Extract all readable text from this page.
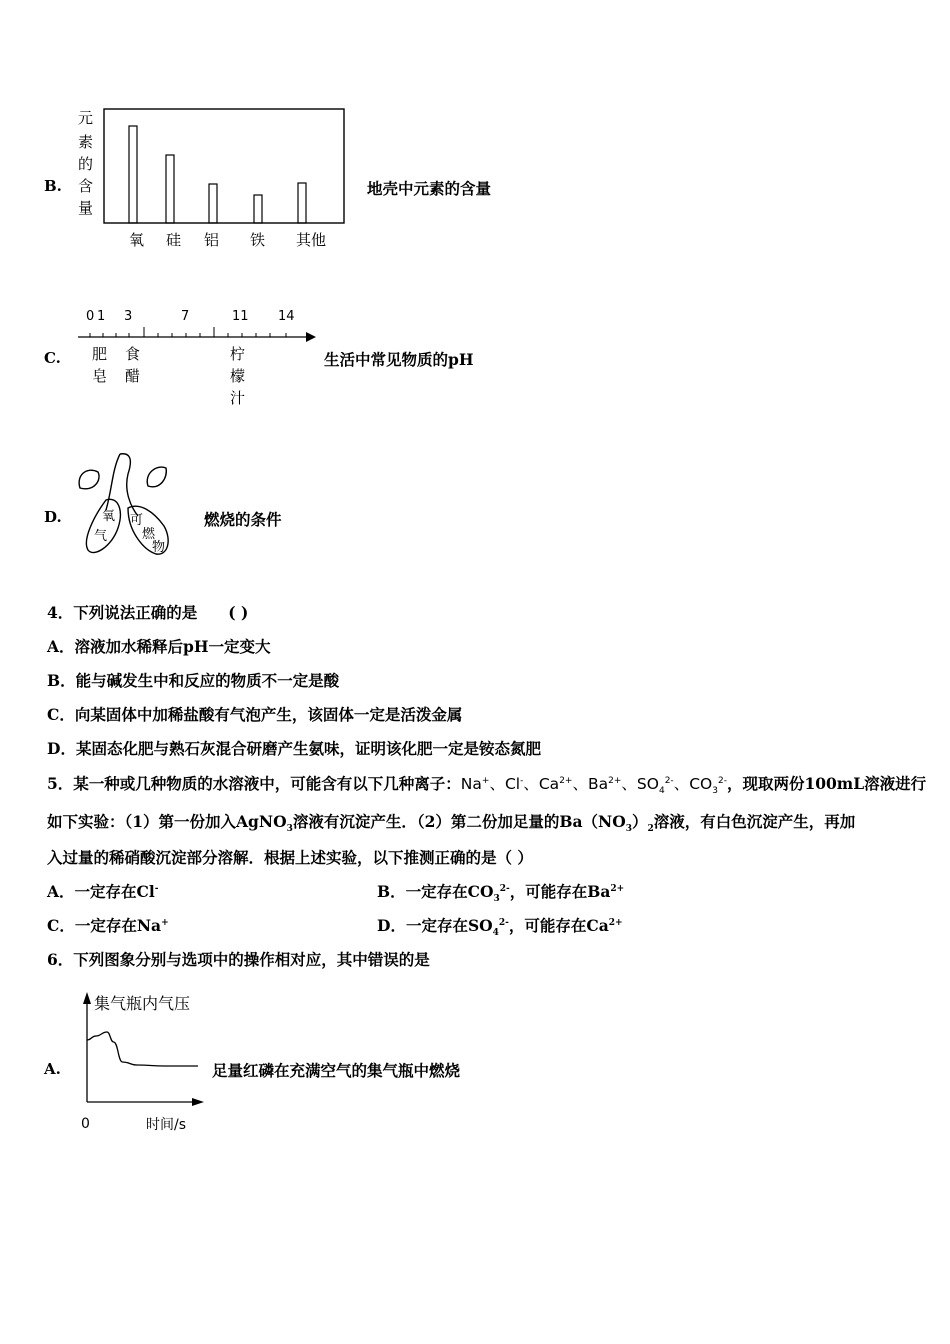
B.
元
素
的
含
量
氧 硅 铝 铁 其他
地壳中元素的含量
C.
0 1 3	7	11 14
肥
皂
食
醋
柠
檬
汁
生活中常见物质的pH
D.	氧
气
可
燃
物
燃烧的条件
4．下列说法正确的是　　( )
A．溶液加水稀释后pH一定变大
B．能与碱发生中和反应的物质不一定是酸
C．向某固体中加稀盐酸有气泡产生，该固体一定是活泼金属
D．某固态化肥与熟石灰混合研磨产生氨味，证明该化肥一定是铵态氮肥
5．某一种或几种物质的水溶液中，可能含有以下几种离子：Na+、Cl-、$Ca^{2+}$、$Ba^{2+}$、$SO_4^{2-}$、$CO_3^{2-}$，现取两份100mL溶液进行
如下实验：（1）第一份加入AgNO$_3$溶液有沉淀产生．（2）第二份加足量的$Ba(NO_3)_2$溶液，有白色沉淀产生，再加
入过量的稀硝酸沉淀部分溶解．根据上述实验，以下推测正确的是（ ）
A．一定存在Cl-	B．一定存在$CO_3^{2-}$，可能存在$Ba^{2+}$
C．一定存在Na+	D．一定存在$SO_4^{2-}$，可能存在$Ca^{2+}$
6．下列图象分别与选项中的操作相对应，其中错误的是
A.
集气瓶内气压
0	时间/s
足量红磷在充满空气的集气瓶中燃烧
